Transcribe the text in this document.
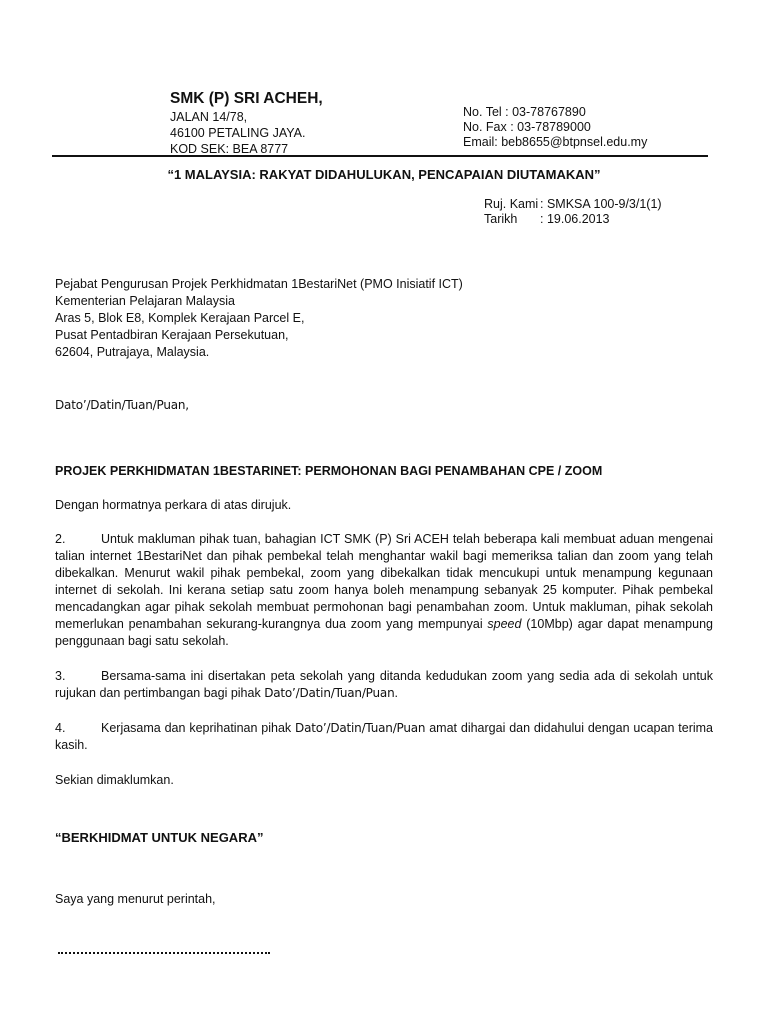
SMK (P) SRI ACHEH,
JALAN 14/78,
46100 PETALING JAYA.
KOD SEK: BEA 8777
No. Tel : 03-78767890
No. Fax : 03-78789000
Email: beb8655@btpnsel.edu.my
“1 MALAYSIA: RAKYAT DIDAHULUKAN, PENCAPAIAN DIUTAMAKAN”
Ruj. Kami : SMKSA 100-9/3/1(1)
Tarikh : 19.06.2013
Pejabat Pengurusan Projek Perkhidmatan 1BestariNet (PMO Inisiatif ICT)
Kementerian Pelajaran Malaysia
Aras 5, Blok E8, Komplek Kerajaan Parcel E,
Pusat Pentadbiran Kerajaan Persekutuan,
62604, Putrajaya, Malaysia.
Dato’/Datin/Tuan/Puan,
PROJEK PERKHIDMATAN 1BESTARINET: PERMOHONAN BAGI PENAMBAHAN CPE / ZOOM
Dengan hormatnya perkara di atas dirujuk.
2.	Untuk makluman pihak tuan, bahagian ICT SMK (P) Sri ACEH telah beberapa kali membuat aduan mengenai talian internet 1BestariNet dan pihak pembekal telah menghantar wakil bagi memeriksa talian dan zoom yang telah dibekalkan. Menurut wakil pihak pembekal, zoom yang dibekalkan tidak mencukupi untuk menampung kegunaan internet di sekolah. Ini kerana setiap satu zoom hanya boleh menampung sebanyak 25 komputer. Pihak pembekal mencadangkan agar pihak sekolah membuat permohonan bagi penambahan zoom. Untuk makluman, pihak sekolah memerlukan penambahan sekurang-kurangnya dua zoom yang mempunyai speed (10Mbp) agar dapat menampung penggunaan bagi satu sekolah.
3.	Bersama-sama ini disertakan peta sekolah yang ditanda kedudukan zoom yang sedia ada di sekolah untuk rujukan dan pertimbangan bagi pihak Dato’/Datin/Tuan/Puan.
4.	Kerjasama dan keprihatinan pihak Dato’/Datin/Tuan/Puan amat dihargai dan didahului dengan ucapan terima kasih.
Sekian dimaklumkan.
“BERKHIDMAT UNTUK NEGARA”
Saya yang menurut perintah,
